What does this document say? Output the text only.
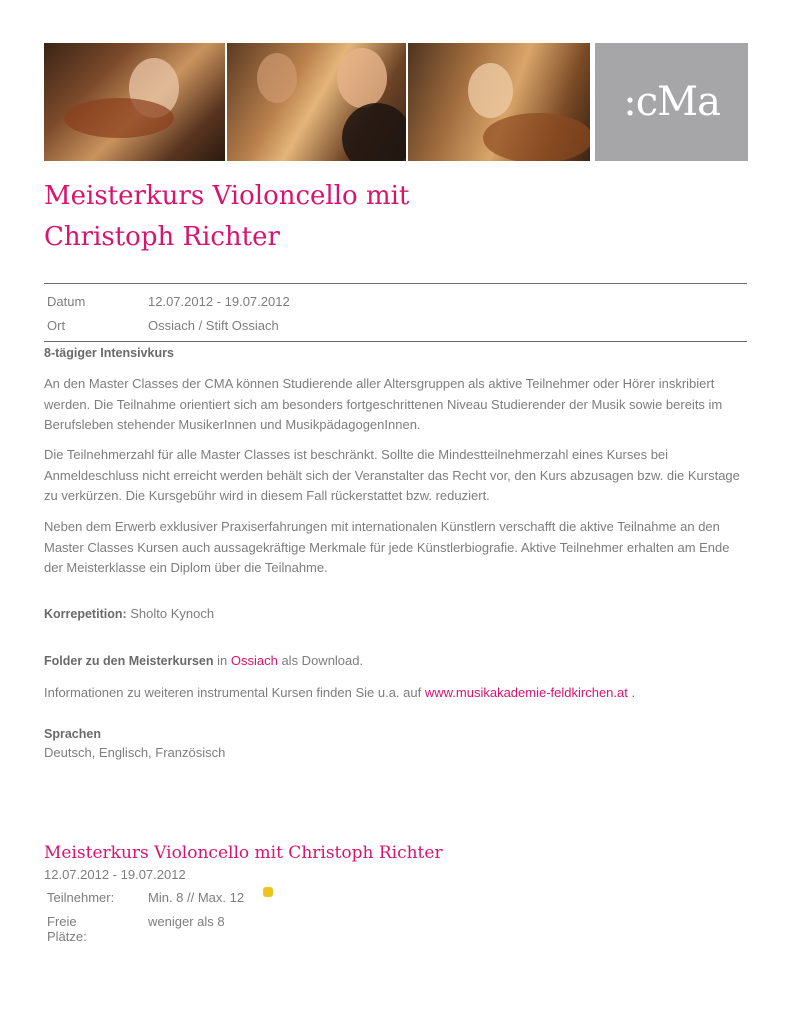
:cMa
Meisterkurs Violoncello mit
Christoph Richter
Datum	12.07.2012 - 19.07.2012
Ort	Ossiach / Stift Ossiach
8-tägiger Intensivkurs

An den Master Classes der CMA können Studierende aller Altersgruppen als aktive Teilnehmer oder Hörer inskribiert werden. Die Teilnahme orientiert sich am besonders fortgeschrittenen Niveau Studierender der Musik sowie bereits im Berufsleben stehender MusikerInnen und MusikpädagogenInnen.

Die Teilnehmerzahl für alle Master Classes ist beschränkt. Sollte die Mindestteilnehmerzahl eines Kurses bei Anmeldeschluss nicht erreicht werden behält sich der Veranstalter das Recht vor, den Kurs abzusagen bzw. die Kurstage zu verkürzen. Die Kursgebühr wird in diesem Fall rückerstattet bzw. reduziert.

Neben dem Erwerb exklusiver Praxiserfahrungen mit internationalen Künstlern verschafft die aktive Teilnahme an den Master Classes Kursen auch aussagekräftige Merkmale für jede Künstlerbiografie. Aktive Teilnehmer erhalten am Ende der Meisterklasse ein Diplom über die Teilnahme.

Korrepetition: Sholto Kynoch
Folder zu den Meisterkursen in Ossiach als Download.
Informationen zu weiteren instrumental Kursen finden Sie u.a. auf www.musikakademie-feldkirchen.at .
Sprachen
Deutsch, Englisch, Französisch
Meisterkurs Violoncello mit Christoph Richter
12.07.2012 - 19.07.2012
Teilnehmer:	Min. 8 // Max. 12
Freie Plätze:
weniger als 8
